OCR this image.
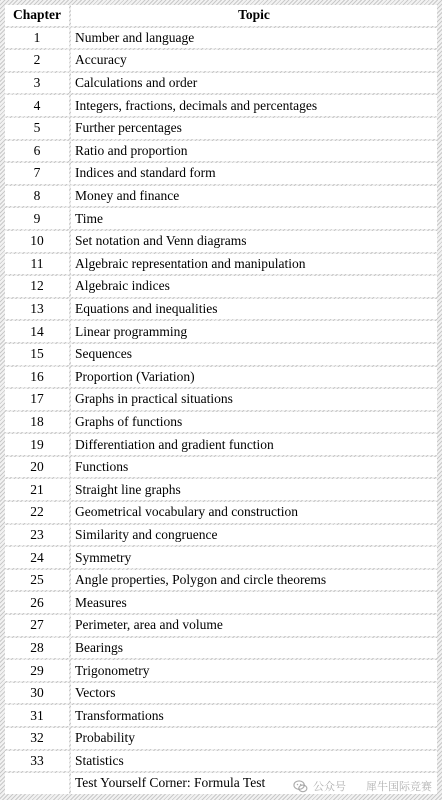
Chapter	Topic
1	Number and language
2	Accuracy
3	Calculations and order
4	Integers, fractions, decimals and percentages
5	Further percentages
6	Ratio and proportion
7	Indices and standard form
8	Money and finance
9	Time
10	Set notation and Venn diagrams
11	Algebraic representation and manipulation
12	Algebraic indices
13	Equations and inequalities
14	Linear programming
15	Sequences
16	Proportion (Variation)
17	Graphs in practical situations
18	Graphs of functions
19	Differentiation and gradient function
20	Functions
21	Straight line graphs
22	Geometrical vocabulary and construction
23	Similarity and congruence
24	Symmetry
25	Angle properties, Polygon and circle theorems
26	Measures
27	Perimeter, area and volume
28	Bearings
29	Trigonometry
30	Vectors
31	Transformations
32	Probability
33	Statistics
	Test Yourself Corner: Formula Test	公众号 犀牛国际竞赛
